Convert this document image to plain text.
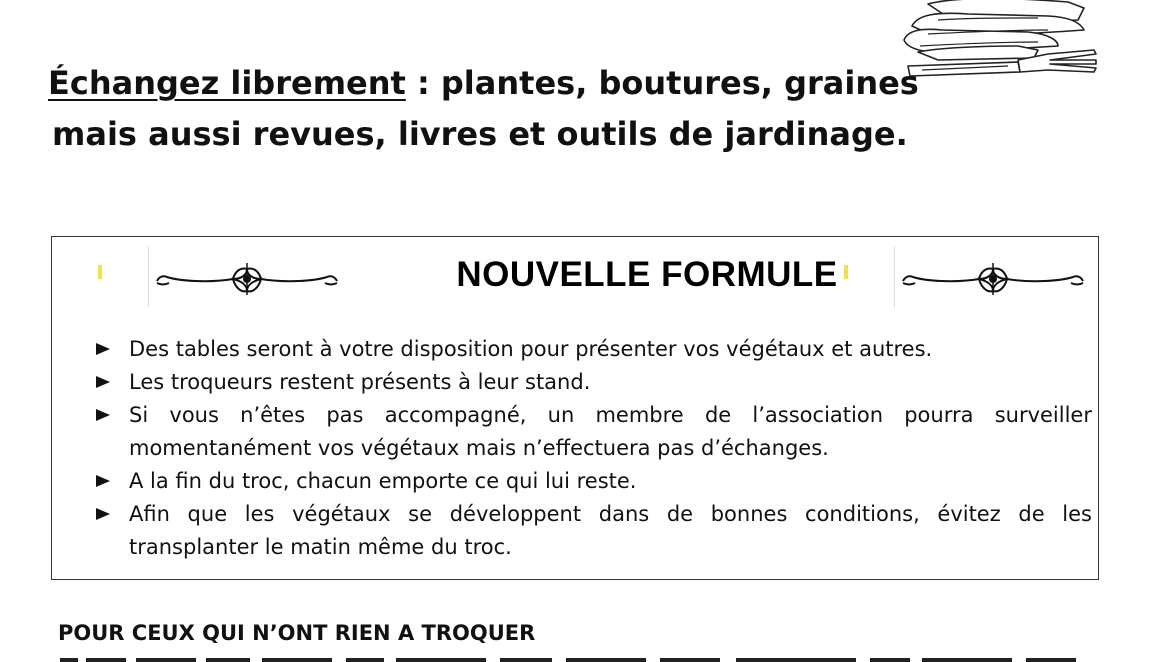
Échangez librement : plantes, boutures, graines
mais aussi revues, livres et outils de jardinage.
NOUVELLE FORMULE
Des tables seront à votre disposition pour présenter vos végétaux et autres.
Les troqueurs restent présents à leur stand.
Si vous n’êtes pas accompagné, un membre de l’association pourra surveiller momentanément vos végétaux mais n’effectuera pas d’échanges.
A la fin du troc, chacun emporte ce qui lui reste.
Afin que les végétaux se développent dans de bonnes conditions, évitez de les transplanter le matin même du troc.
POUR CEUX QUI N’ONT RIEN A TROQUER
